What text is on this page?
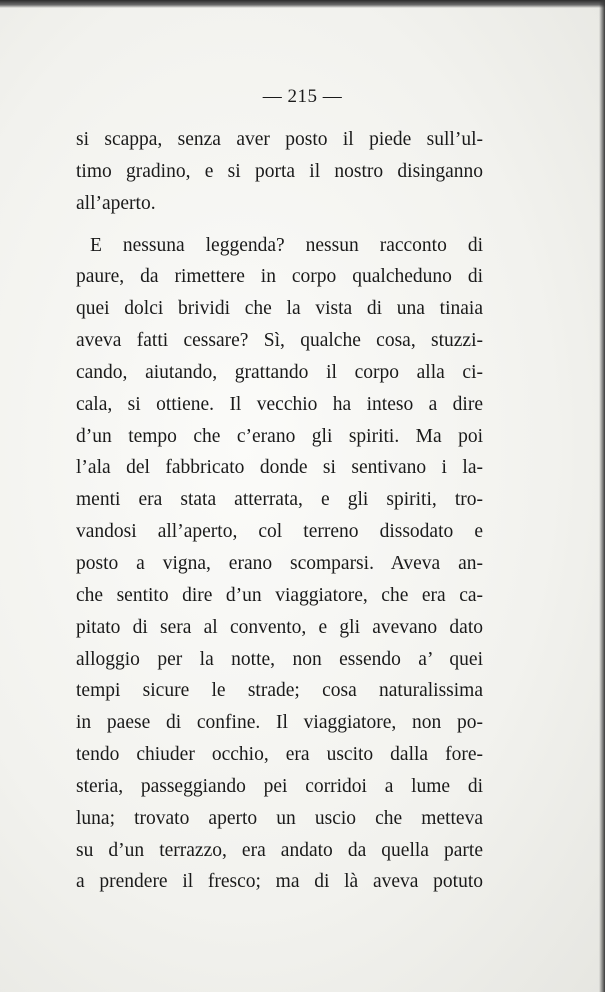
— 215 —
si scappa, senza aver posto il piede sull’ul-
timo gradino, e si porta il nostro disinganno
all’aperto.
E nessuna leggenda? nessun racconto di
paure, da rimettere in corpo qualcheduno di
quei dolci brividi che la vista di una tinaia
aveva fatti cessare? Sì, qualche cosa, stuzzi-
cando, aiutando, grattando il corpo alla ci-
cala, si ottiene. Il vecchio ha inteso a dire
d’un tempo che c’erano gli spiriti. Ma poi
l’ala del fabbricato donde si sentivano i la-
menti era stata atterrata, e gli spiriti, tro-
vandosi all’aperto, col terreno dissodato e
posto a vigna, erano scomparsi. Aveva an-
che sentito dire d’un viaggiatore, che era ca-
pitato di sera al convento, e gli avevano dato
alloggio per la notte, non essendo a’ quei
tempi sicure le strade; cosa naturalissima
in paese di confine. Il viaggiatore, non po-
tendo chiuder occhio, era uscito dalla fore-
steria, passeggiando pei corridoi a lume di
luna; trovato aperto un uscio che metteva
su d’un terrazzo, era andato da quella parte
a prendere il fresco; ma di là aveva potuto
